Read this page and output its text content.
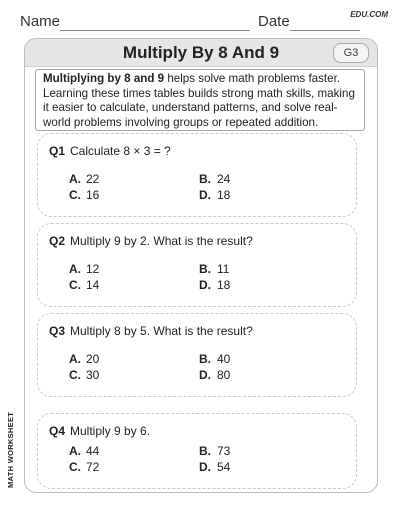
Name	Date	EDU.COM
Multiply By 8 And 9	G3
Multiplying by 8 and 9 helps solve math problems faster. Learning these times tables builds strong math skills, making it easier to calculate, understand patterns, and solve real-world problems involving groups or repeated addition.
Q1 Calculate 8 × 3 = ?
A. 22	B. 24
C. 16	D. 18
Q2 Multiply 9 by 2. What is the result?
A. 12	B. 11
C. 14	D. 18
Q3 Multiply 8 by 5. What is the result?
A. 20	B. 40
C. 30	D. 80
Q4 Multiply 9 by 6.
A. 44	B. 73
C. 72	D. 54
MATH WORKSHEET
